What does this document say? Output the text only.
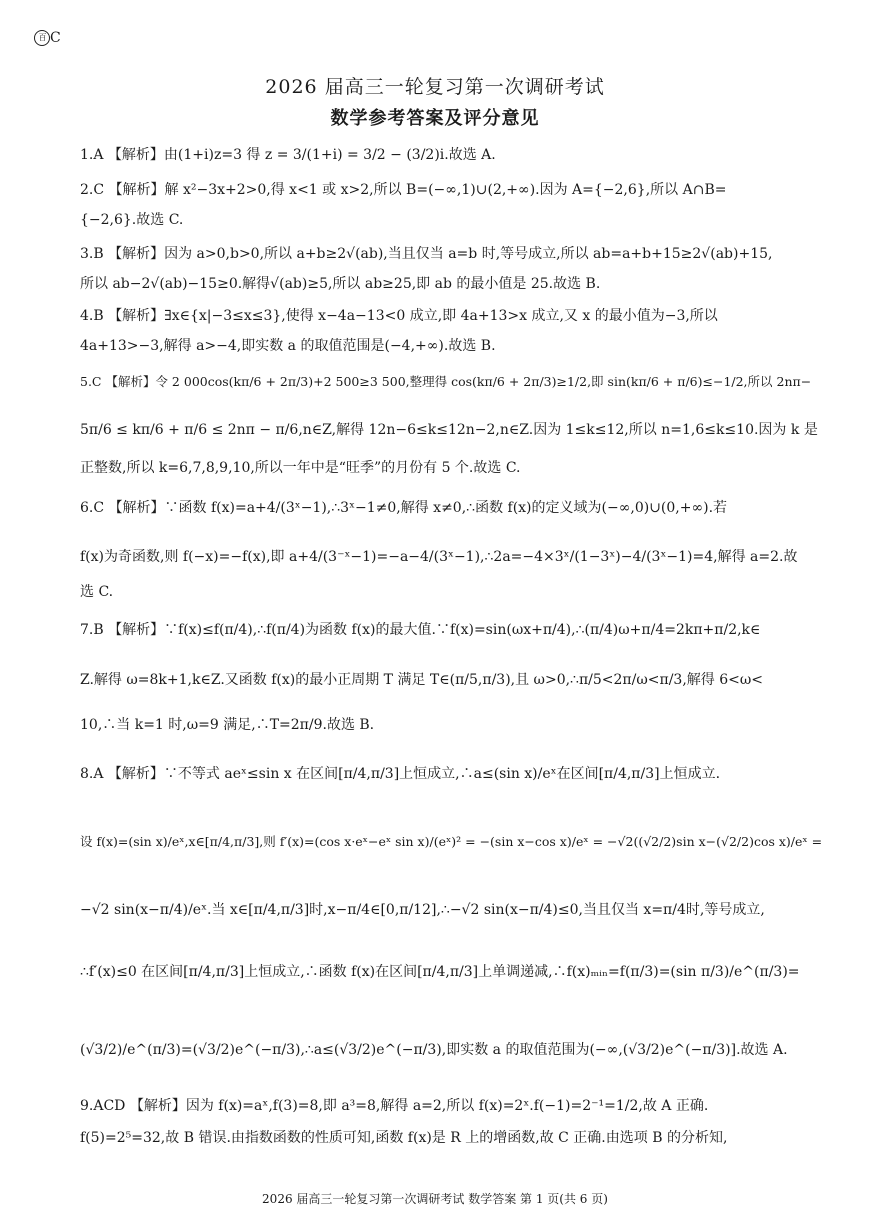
百 C
2026 届高三一轮复习第一次调研考试
数学参考答案及评分意见
1.A 【解析】由(1+i)z=3 得 z = 3/(1+i) = 3/2 − (3/2)i.故选 A.
2.C 【解析】解 x²−3x+2>0,得 x<1 或 x>2,所以 B=(−∞,1)∪(2,+∞).因为 A={−2,6},所以 A∩B=
{−2,6}.故选 C.
3.B 【解析】因为 a>0,b>0,所以 a+b≥2√(ab),当且仅当 a=b 时,等号成立,所以 ab=a+b+15≥2√(ab)+15,
所以 ab−2√(ab)−15≥0.解得√(ab)≥5,所以 ab≥25,即 ab 的最小值是 25.故选 B.
4.B 【解析】∃x∈{x|−3≤x≤3},使得 x−4a−13<0 成立,即 4a+13>x 成立,又 x 的最小值为−3,所以
4a+13>−3,解得 a>−4,即实数 a 的取值范围是(−4,+∞).故选 B.
5.C 【解析】令 2 000cos(kπ/6 + 2π/3)+2 500≥3 500,整理得 cos(kπ/6 + 2π/3)≥1/2,即 sin(kπ/6 + π/6)≤−1/2,所以 2nπ−
5π/6 ≤ kπ/6 + π/6 ≤ 2nπ − π/6,n∈Z,解得 12n−6≤k≤12n−2,n∈Z.因为 1≤k≤12,所以 n=1,6≤k≤10.因为 k 是
正整数,所以 k=6,7,8,9,10,所以一年中是“旺季”的月份有 5 个.故选 C.
6.C 【解析】∵函数 f(x)=a+4/(3ˣ−1),∴3ˣ−1≠0,解得 x≠0,∴函数 f(x)的定义域为(−∞,0)∪(0,+∞).若
f(x)为奇函数,则 f(−x)=−f(x),即 a+4/(3⁻ˣ−1)=−a−4/(3ˣ−1),∴2a=−4×3ˣ/(1−3ˣ)−4/(3ˣ−1)=4,解得 a=2.故
选 C.
7.B 【解析】∵f(x)≤f(π/4),∴f(π/4)为函数 f(x)的最大值.∵f(x)=sin(ωx+π/4),∴(π/4)ω+π/4=2kπ+π/2,k∈
Z.解得 ω=8k+1,k∈Z.又函数 f(x)的最小正周期 T 满足 T∈(π/5,π/3),且 ω>0,∴π/5<2π/ω<π/3,解得 6<ω<
10,∴当 k=1 时,ω=9 满足,∴T=2π/9.故选 B.
8.A 【解析】∵不等式 aeˣ≤sin x 在区间[π/4,π/3]上恒成立,∴a≤(sin x)/eˣ在区间[π/4,π/3]上恒成立.
设 f(x)=(sin x)/eˣ,x∈[π/4,π/3],则 f′(x)=(cos x·eˣ−eˣ sin x)/(eˣ)² = −(sin x−cos x)/eˣ = −√2((√2/2)sin x−(√2/2)cos x)/eˣ =
−√2 sin(x−π/4)/eˣ.当 x∈[π/4,π/3]时,x−π/4∈[0,π/12],∴−√2 sin(x−π/4)≤0,当且仅当 x=π/4时,等号成立,
∴f′(x)≤0 在区间[π/4,π/3]上恒成立,∴函数 f(x)在区间[π/4,π/3]上单调递减,∴f(x)ₘᵢₙ=f(π/3)=(sin π/3)/e^(π/3)=
(√3/2)/e^(π/3)=(√3/2)e^(−π/3),∴a≤(√3/2)e^(−π/3),即实数 a 的取值范围为(−∞,(√3/2)e^(−π/3)].故选 A.
9.ACD 【解析】因为 f(x)=aˣ,f(3)=8,即 a³=8,解得 a=2,所以 f(x)=2ˣ.f(−1)=2⁻¹=1/2,故 A 正确.
f(5)=2⁵=32,故 B 错误.由指数函数的性质可知,函数 f(x)是 R 上的增函数,故 C 正确.由选项 B 的分析知,
2026 届高三一轮复习第一次调研考试 数学答案 第 1 页(共 6 页)
